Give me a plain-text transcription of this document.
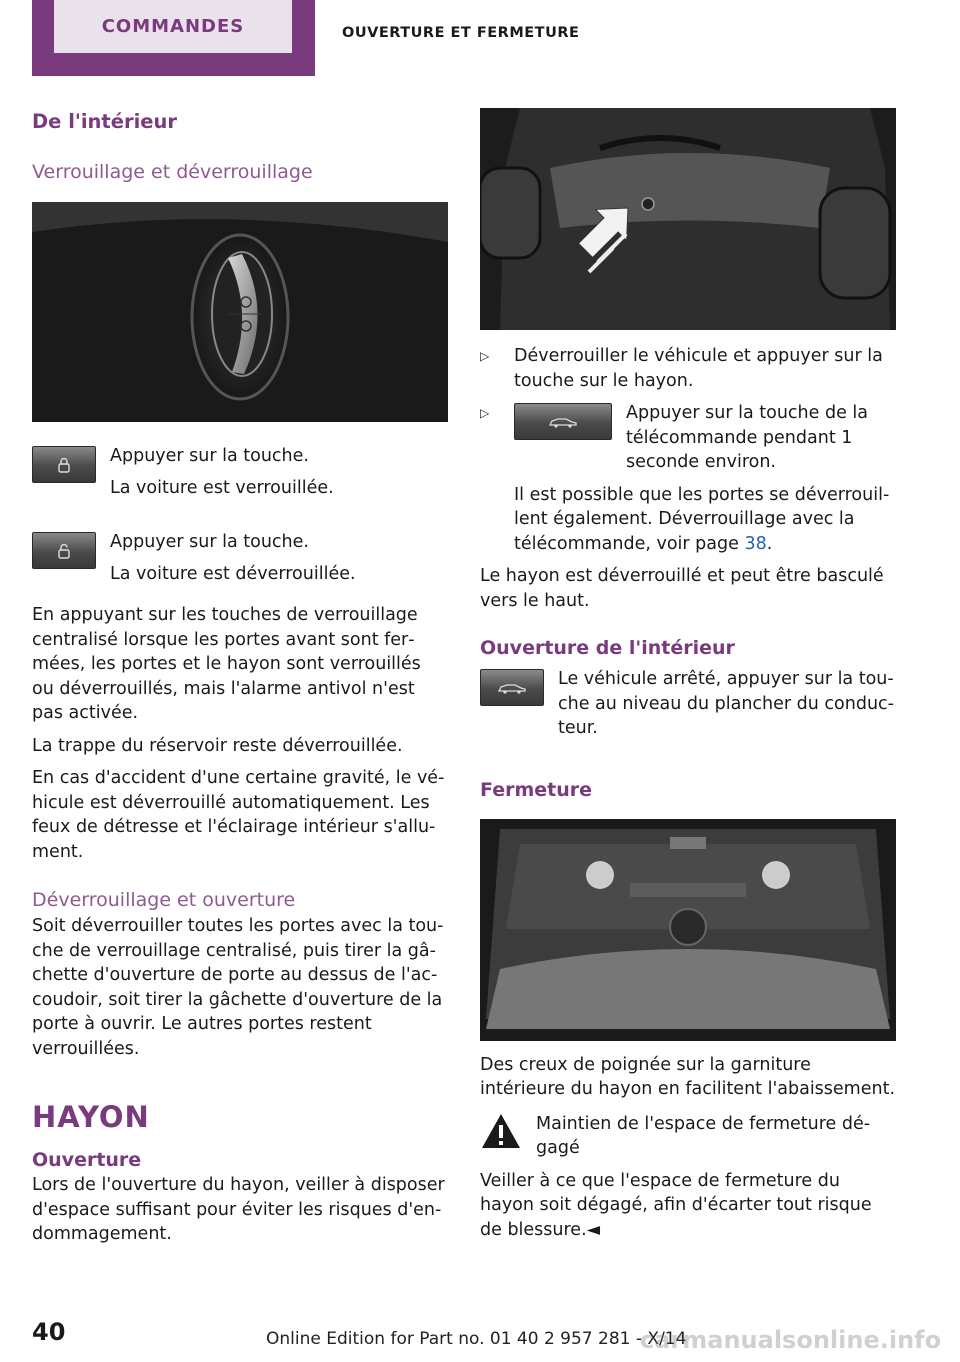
COMMANDES	OUVERTURE ET FERMETURE
De l'intérieur
Verrouillage et déverrouillage

Appuyer sur la touche.

La voiture est verrouillée.

Appuyer sur la touche.

La voiture est déverrouillée.

En appuyant sur les touches de verrouillage centralisé lorsque les portes avant sont fermées, les portes et le hayon sont verrouillés ou déverrouillés, mais l'alarme antivol n'est pas activée.

La trappe du réservoir reste déverrouillée.

En cas d'accident d'une certaine gravité, le véhicule est déverrouillé automatiquement. Les feux de détresse et l'éclairage intérieur s'allument.

Déverrouillage et ouverture

Soit déverrouiller toutes les portes avec la touche de verrouillage centralisé, puis tirer la gâchette d'ouverture de porte au dessus de l'accoudoir, soit tirer la gâchette d'ouverture de la porte à ouvrir. Le autres portes restent verrouillées.

HAYON
Ouverture

Lors de l'ouverture du hayon, veiller à disposer d'espace suffisant pour éviter les risques d'endommagement.

▷	Déverrouiller le véhicule et appuyer sur la touche sur le hayon.

▷	Appuyer sur la touche de la télécommande pendant 1 seconde environ.

Il est possible que les portes se déverrouillent également. Déverrouillage avec la télécommande, voir page 38.

Le hayon est déverrouillé et peut être basculé vers le haut.

Ouverture de l'intérieur

Le véhicule arrêté, appuyer sur la touche au niveau du plancher du conducteur.

Fermeture

Des creux de poignée sur la garniture intérieure du hayon en facilitent l'abaissement.

Maintien de l'espace de fermeture dégagé

Veiller à ce que l'espace de fermeture du hayon soit dégagé, afin d'écarter tout risque de blessure.◄

40	Online Edition for Part no. 01 40 2 957 281 - X/14
carmanualsonline.info
